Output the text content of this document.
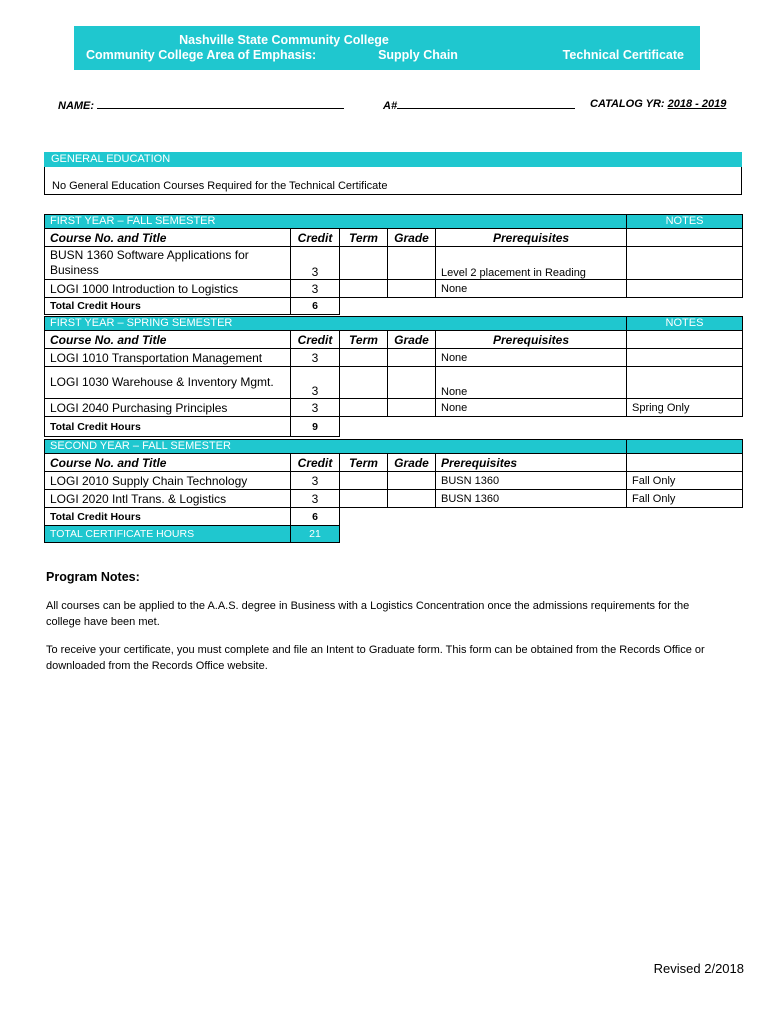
Nashville State Community College
Community College Area of Emphasis:	Supply Chain	Technical Certificate
NAME:	A#	CATALOG YR: 2018 - 2019
GENERAL EDUCATION
No General Education Courses Required for the Technical Certificate
FIRST YEAR – FALL SEMESTER					NOTES
Course No. and Title	Credit	Term	Grade	Prerequisites	
BUSN 1360 Software Applications for Business	3			Level 2 placement in Reading	
LOGI 1000 Introduction to Logistics	3			None	
Total Credit Hours	6				
FIRST YEAR – SPRING SEMESTER					NOTES
Course No. and Title	Credit	Term	Grade	Prerequisites	
LOGI 1010 Transportation Management	3			None	
LOGI 1030 Warehouse & Inventory Mgmt.	3			None	
LOGI 2040 Purchasing Principles	3			None	Spring Only
Total Credit Hours	9				
SECOND YEAR – FALL SEMESTER					
Course No. and Title	Credit	Term	Grade	Prerequisites	
LOGI 2010 Supply Chain Technology	3			BUSN 1360	Fall Only
LOGI 2020 Intl Trans. & Logistics	3			BUSN 1360	Fall Only
Total Credit Hours	6				
TOTAL CERTIFICATE HOURS	21				
Program Notes:
All courses can be applied to the A.A.S. degree in Business with a Logistics Concentration once the admissions requirements for the college have been met.
To receive your certificate, you must complete and file an Intent to Graduate form. This form can be obtained from the Records Office or downloaded from the Records Office website.
Revised 2/2018
